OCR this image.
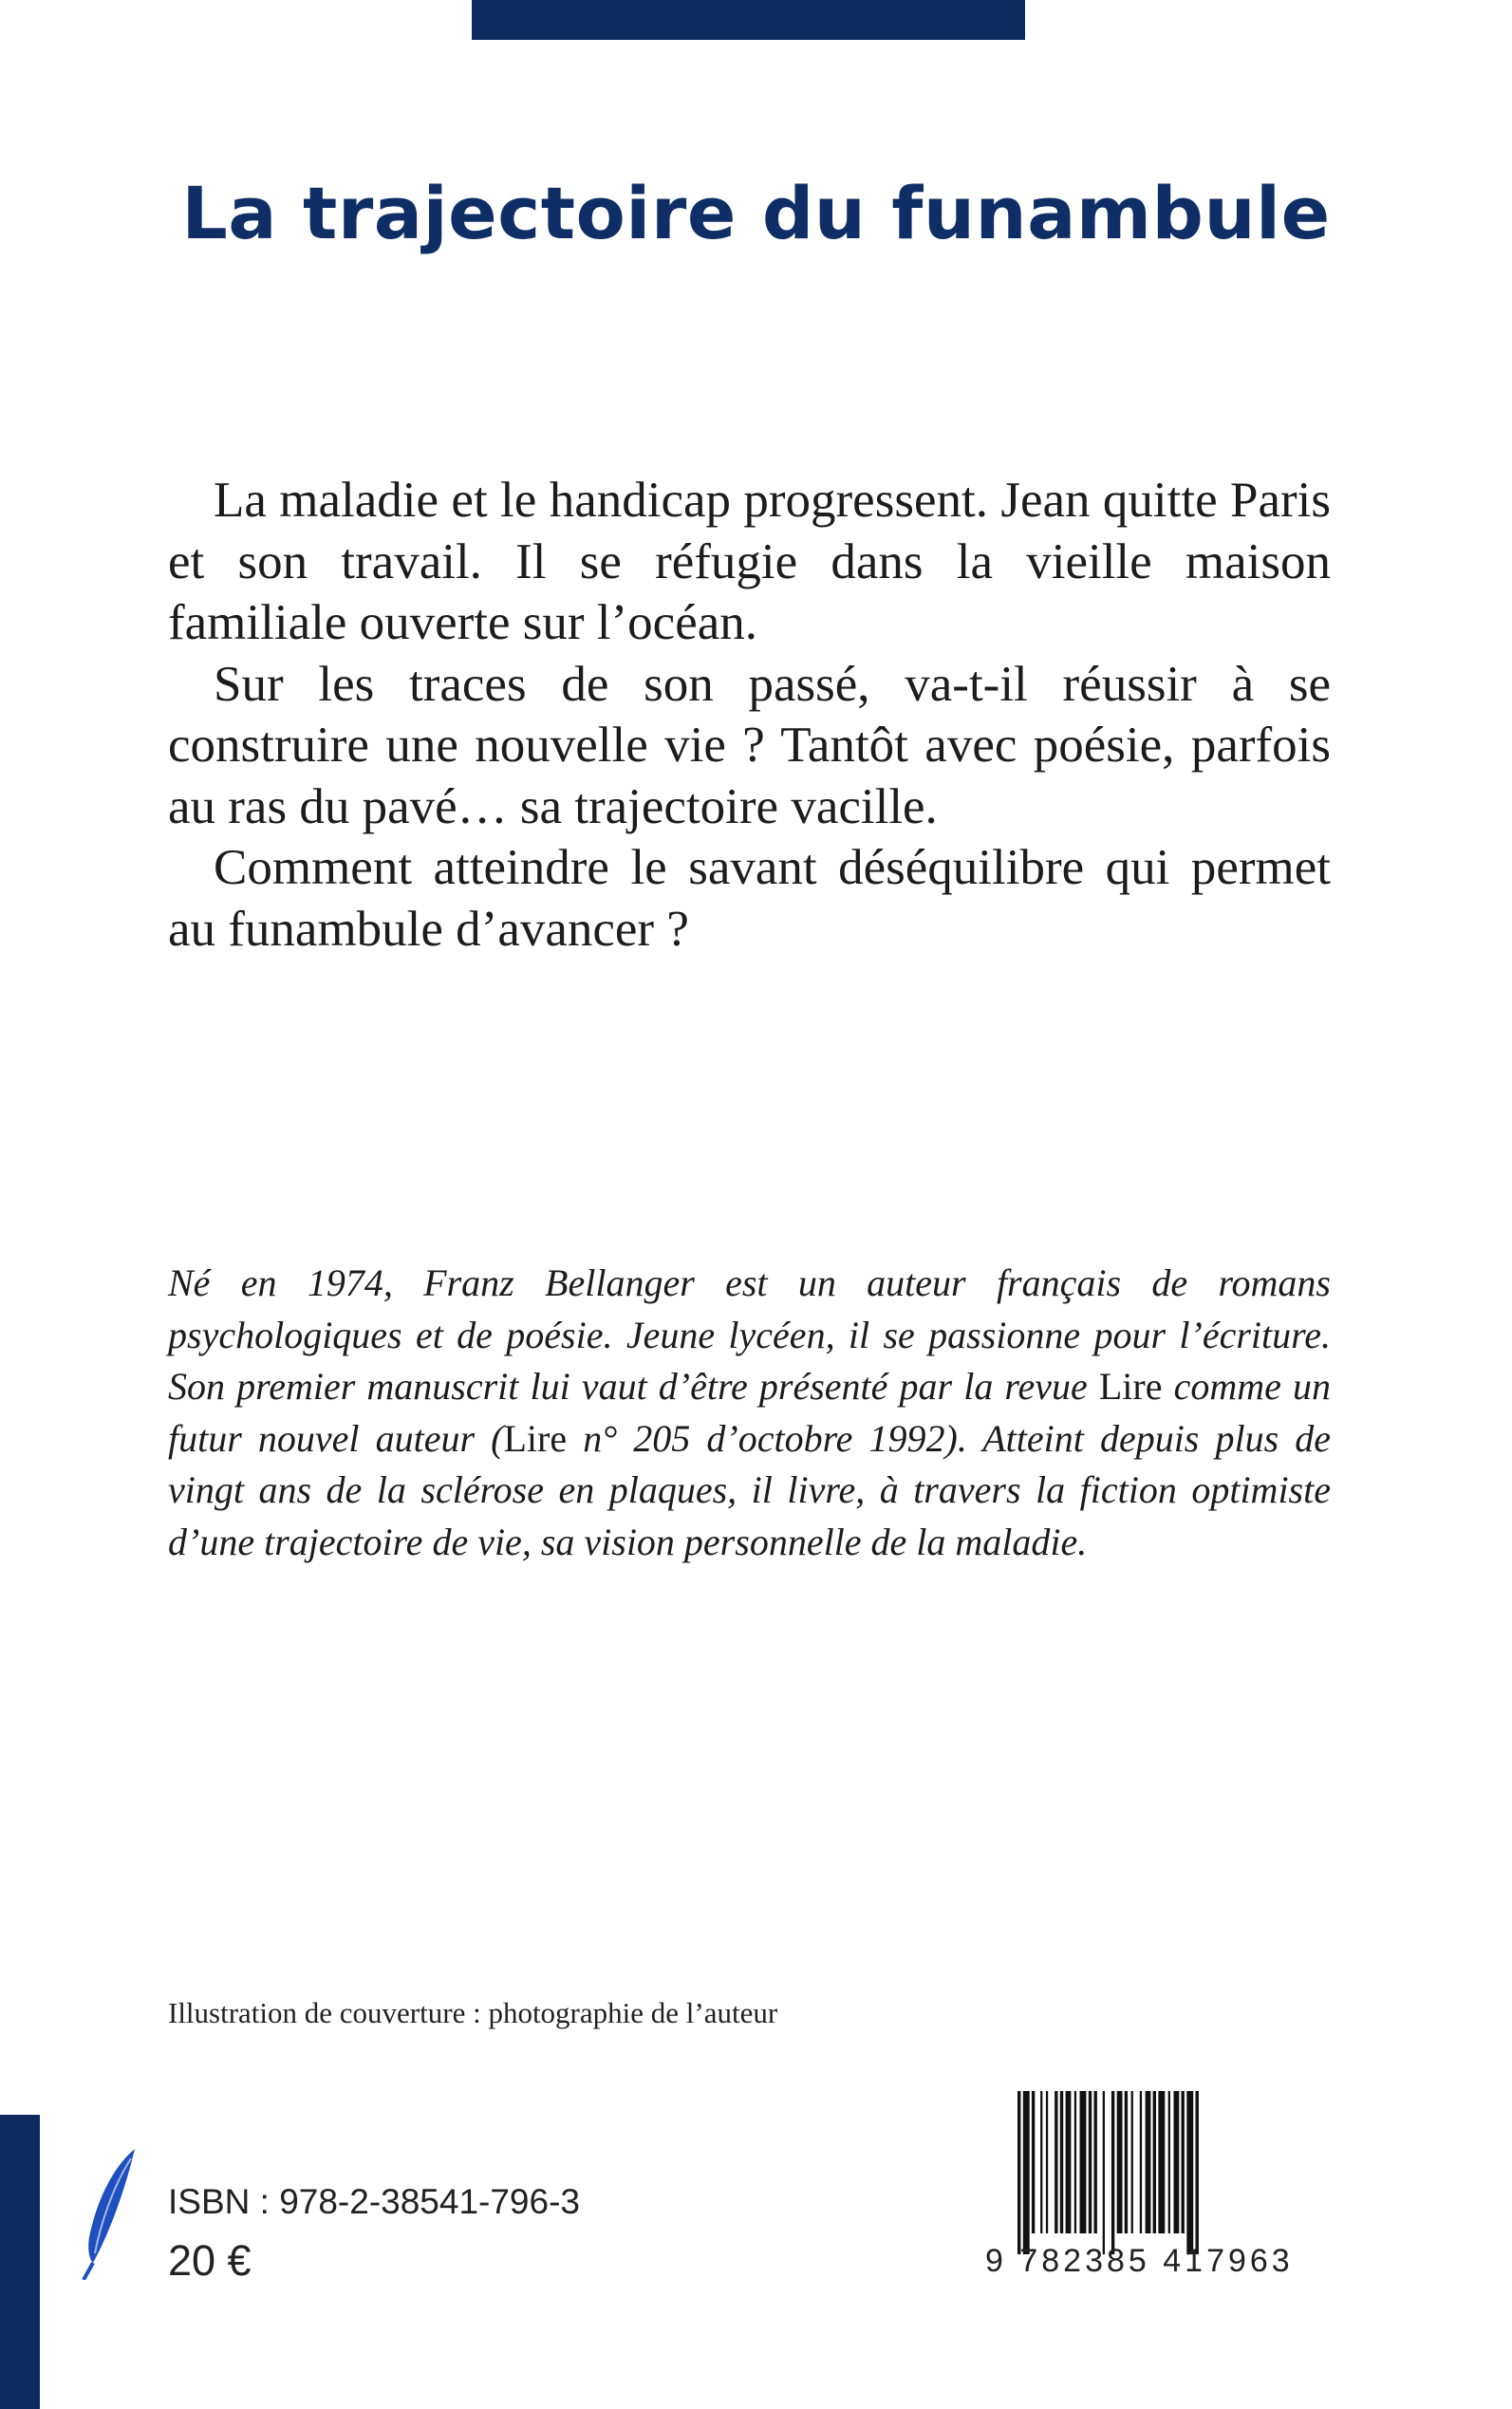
La trajectoire du funambule

La maladie et le handicap progressent. Jean quitte Paris et son travail. Il se réfugie dans la vieille maison familiale ouverte sur l’océan.

Sur les traces de son passé, va-t-il réussir à se construire une nouvelle vie ? Tantôt avec poésie, parfois au ras du pavé… sa trajectoire vacille.

Comment atteindre le savant déséquilibre qui permet au funambule d’avancer ?

Né en 1974, Franz Bellanger est un auteur français de romans psychologiques et de poésie. Jeune lycéen, il se passionne pour l’écriture. Son premier manuscrit lui vaut d’être présenté par la revue Lire comme un futur nouvel auteur (Lire n° 205 d’octobre 1992). Atteint depuis plus de vingt ans de la sclérose en plaques, il livre, à travers la fiction optimiste d’une trajectoire de vie, sa vision personnelle de la maladie.

Illustration de couverture : photographie de l’auteur
ISBN : 978-2-38541-796-3
20 €	9 782385 417963
